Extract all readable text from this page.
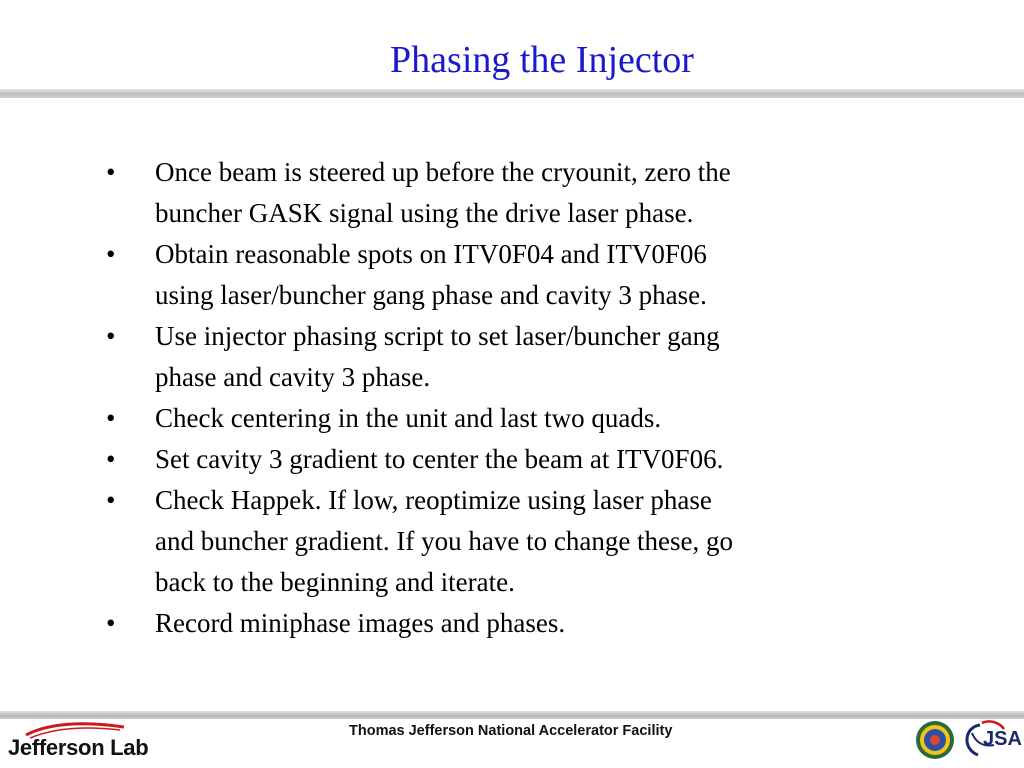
Phasing the Injector
• Once beam is steered up before the cryounit, zero the
buncher GASK signal using the drive laser phase.
• Obtain reasonable spots on ITV0F04 and ITV0F06
using laser/buncher gang phase and cavity 3 phase.
• Use injector phasing script to set laser/buncher gang
phase and cavity 3 phase.
• Check centering in the unit and last two quads.
• Set cavity 3 gradient to center the beam at ITV0F06.
• Check Happek. If low, reoptimize using laser phase
and buncher gradient. If you have to change these, go
back to the beginning and iterate.
• Record miniphase images and phases.
Jefferson Lab
Thomas Jefferson National Accelerator Facility	JSA
